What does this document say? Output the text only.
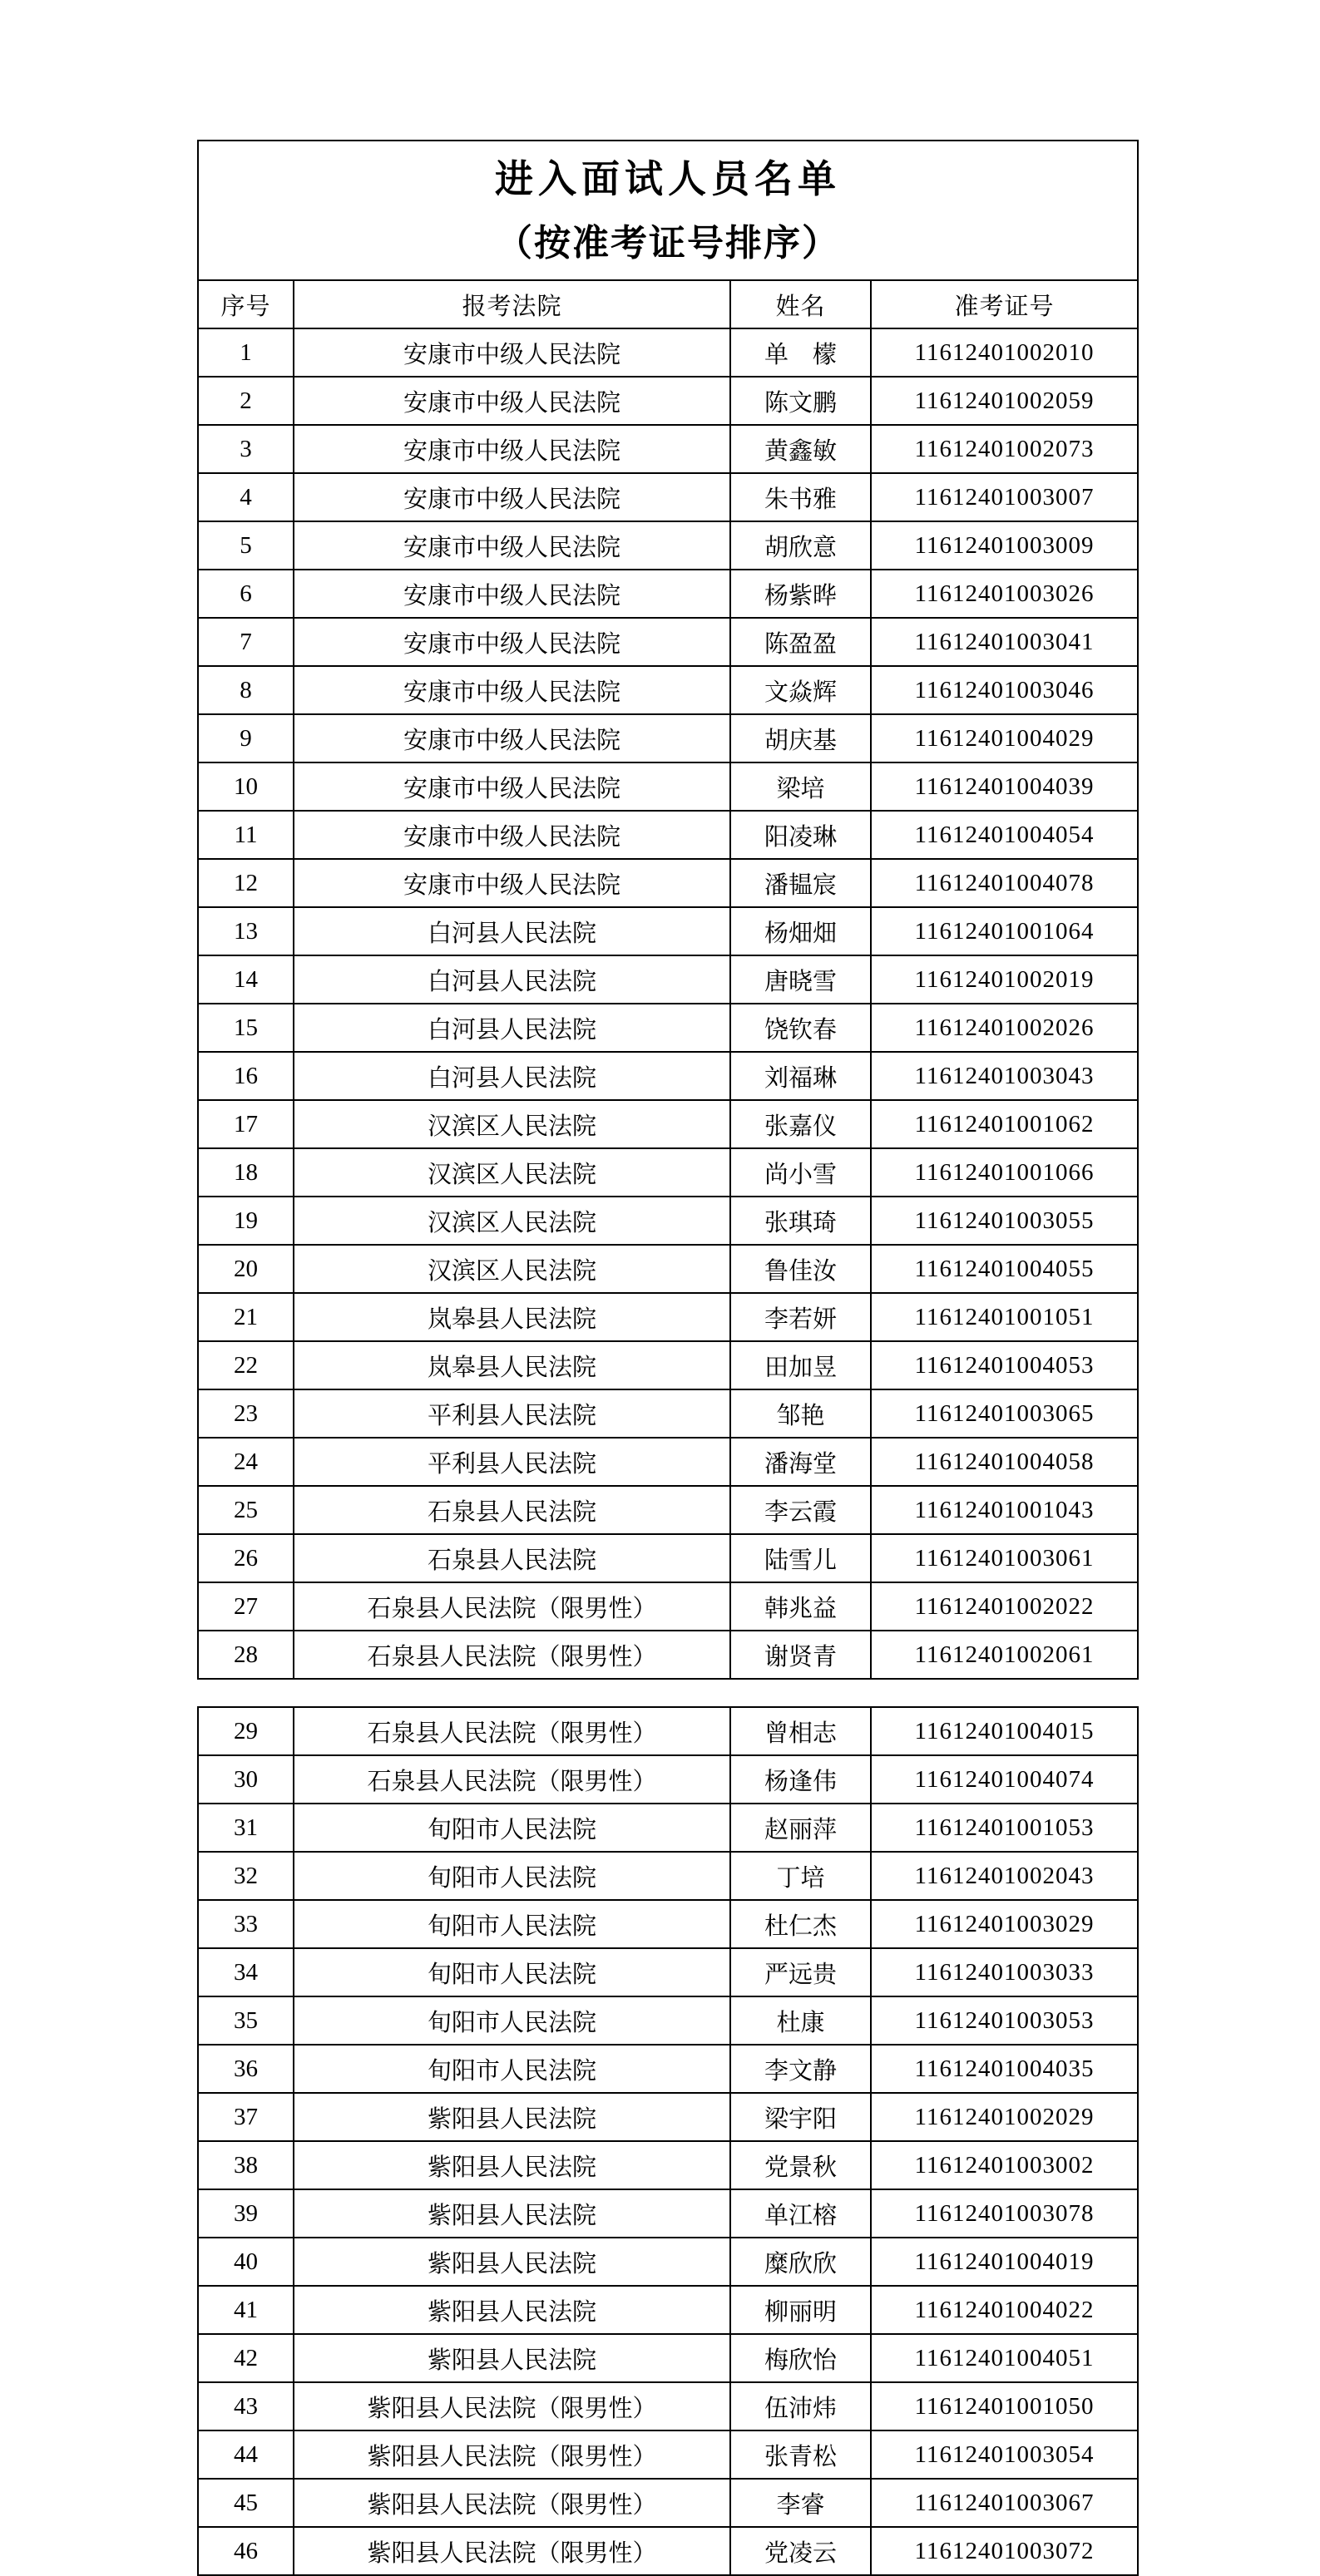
进入面试人员名单
（按准考证号排序）			

序号	报考法院	姓名	准考证号
1	安康市中级人民法院	单　檬	11612401002010
2	安康市中级人民法院	陈文鹏	11612401002059
3	安康市中级人民法院	黄鑫敏	11612401002073
4	安康市中级人民法院	朱书雅	11612401003007
5	安康市中级人民法院	胡欣意	11612401003009
6	安康市中级人民法院	杨紫晔	11612401003026
7	安康市中级人民法院	陈盈盈	11612401003041
8	安康市中级人民法院	文焱辉	11612401003046
9	安康市中级人民法院	胡庆基	11612401004029
10	安康市中级人民法院	梁培	11612401004039
11	安康市中级人民法院	阳凌琳	11612401004054
12	安康市中级人民法院	潘韫宸	11612401004078
13	白河县人民法院	杨畑畑	11612401001064
14	白河县人民法院	唐晓雪	11612401002019
15	白河县人民法院	饶钦春	11612401002026
16	白河县人民法院	刘福琳	11612401003043
17	汉滨区人民法院	张嘉仪	11612401001062
18	汉滨区人民法院	尚小雪	11612401001066
19	汉滨区人民法院	张琪琦	11612401003055
20	汉滨区人民法院	鲁佳汝	11612401004055
21	岚皋县人民法院	李若妍	11612401001051
22	岚皋县人民法院	田加昱	11612401004053
23	平利县人民法院	邹艳	11612401003065
24	平利县人民法院	潘海堂	11612401004058
25	石泉县人民法院	李云霞	11612401001043
26	石泉县人民法院	陆雪儿	11612401003061
27	石泉县人民法院（限男性）	韩兆益	11612401002022
28	石泉县人民法院（限男性）	谢贤青	11612401002061
29	石泉县人民法院（限男性）	曾相志	11612401004015
30	石泉县人民法院（限男性）	杨逢伟	11612401004074
31	旬阳市人民法院	赵丽萍	11612401001053
32	旬阳市人民法院	丁培	11612401002043
33	旬阳市人民法院	杜仁杰	11612401003029
34	旬阳市人民法院	严远贵	11612401003033
35	旬阳市人民法院	杜康	11612401003053
36	旬阳市人民法院	李文静	11612401004035
37	紫阳县人民法院	梁宇阳	11612401002029
38	紫阳县人民法院	党景秋	11612401003002
39	紫阳县人民法院	单江榕	11612401003078
40	紫阳县人民法院	糜欣欣	11612401004019
41	紫阳县人民法院	柳丽明	11612401004022
42	紫阳县人民法院	梅欣怡	11612401004051
43	紫阳县人民法院（限男性）	伍沛炜	11612401001050
44	紫阳县人民法院（限男性）	张青松	11612401003054
45	紫阳县人民法院（限男性）	李睿	11612401003067
46	紫阳县人民法院（限男性）	党凌云	11612401003072
